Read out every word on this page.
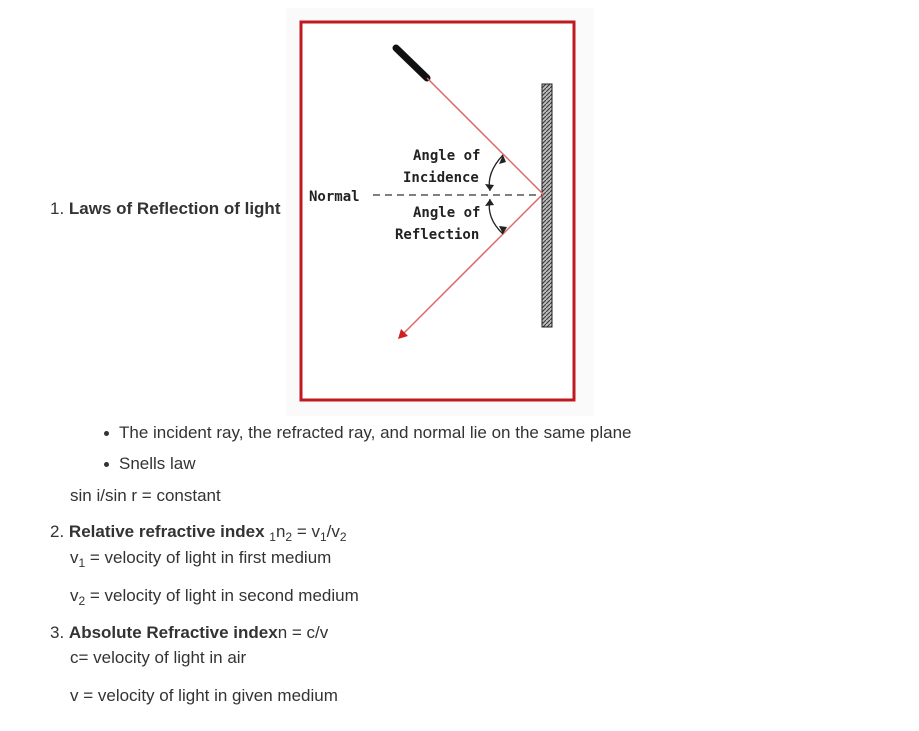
1. Laws of Reflection of light
Normal
Angle of
Incidence
Angle of
Reflection
The incident ray, the refracted ray, and normal lie on the same plane
Snells law
sin i/sin r = constant
2. Relative refractive index $_1n_2 = v_1/v_2$
$v_1$ = velocity of light in first medium
$v_2$ = velocity of light in second medium
3. Absolute Refractive indexn = c/v
c= velocity of light in air
v = velocity of light in given medium
